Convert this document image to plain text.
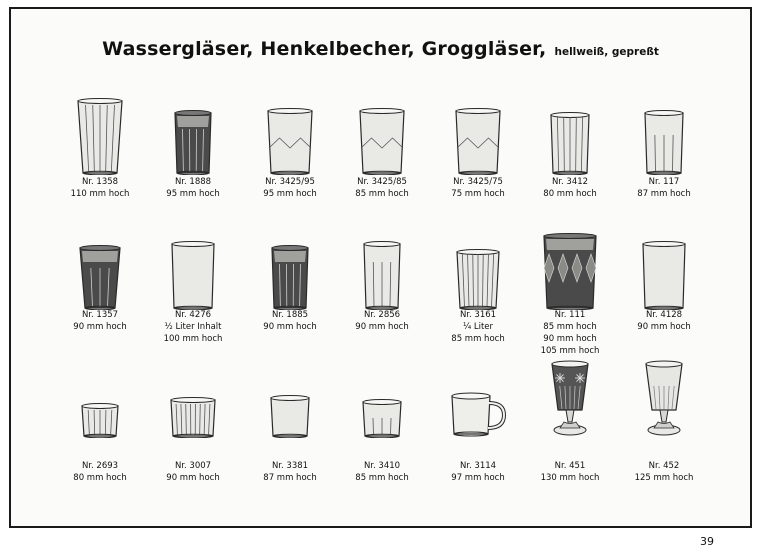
Wassergläser, Henkelbecher, Groggläser, hellweiß, gepreßt
Nr. 1358
110 mm hoch
Nr. 1888
95 mm hoch
Nr. 3425/95
95 mm hoch
Nr. 3425/85
85 mm hoch
Nr. 3425/75
75 mm hoch
Nr. 3412
80 mm hoch
Nr. 117
87 mm hoch
Nr. 1357
90 mm hoch
Nr. 4276
½ Liter Inhalt
100 mm hoch
Nr. 1885
90 mm hoch
Nr. 2856
90 mm hoch
Nr. 3161
¼ Liter
85 mm hoch
Nr. 111
85 mm hoch
90 mm hoch
105 mm hoch
Nr. 4128
90 mm hoch
Nr. 2693
80 mm hoch
Nr. 3007
90 mm hoch
Nr. 3381
87 mm hoch
Nr. 3410
85 mm hoch
Nr. 3114
97 mm hoch
Nr. 451
130 mm hoch
Nr. 452
125 mm hoch
39
